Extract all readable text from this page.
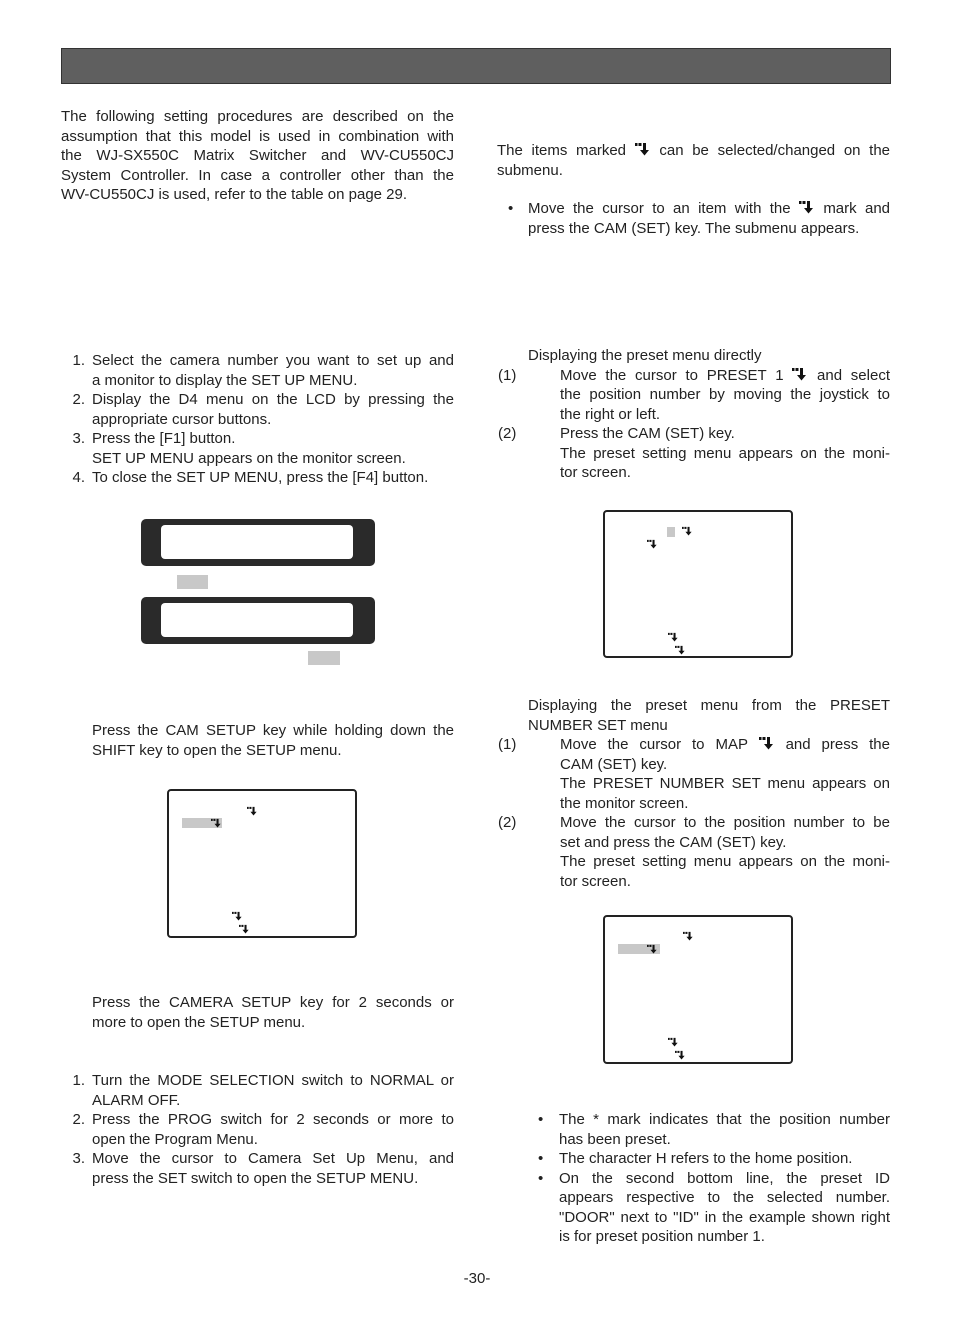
The following setting procedures are described on the
assumption that this model is used in combination with
the WJ-SX550C Matrix Switcher and WV-CU550CJ
System Controller. In case a controller other than the
WV-CU550CJ is used, refer to the table on page 29.
1. Select the camera number you want to set up and
a monitor to display the SET UP MENU.
2. Display the D4 menu on the LCD by pressing the
appropriate cursor buttons.
3. Press the [F1] button.
SET UP MENU appears on the monitor screen.
4. To close the SET UP MENU, press the [F4] button.
Press the CAM SETUP key while holding down the
SHIFT key to open the SETUP menu.
Press the CAMERA SETUP key for 2 seconds or
more to open the SETUP menu.
1. Turn the MODE SELECTION switch to NORMAL or
ALARM OFF.
2. Press the PROG switch for 2 seconds or more to
open the Program Menu.
3. Move the cursor to Camera Set Up Menu, and
press the SET switch to open the SETUP MENU.
The items marked can be selected/changed on the
submenu.
• Move the cursor to an item with the mark and
press the CAM (SET) key. The submenu appears.
Displaying the preset menu directly
(1)	Move the cursor to PRESET 1 and select
the position number by moving the joystick to
the right or left.
(2)	Press the CAM (SET) key.
The preset setting menu appears on the moni-
tor screen.
Displaying the preset menu from the PRESET
NUMBER SET menu
(1)	Move the cursor to MAP	and press the
CAM (SET) key.
The PRESET NUMBER SET menu appears on
the monitor screen.
(2)	Move the cursor to the position number to be
set and press the CAM (SET) key.
The preset setting menu appears on the moni-
tor screen.
• The * mark indicates that the position number
has been preset.
• The character H refers to the home position.
• On the second bottom line, the preset ID
appears respective to the selected number.
"DOOR" next to "ID" in the example shown right
is for preset position number 1.
-30-
